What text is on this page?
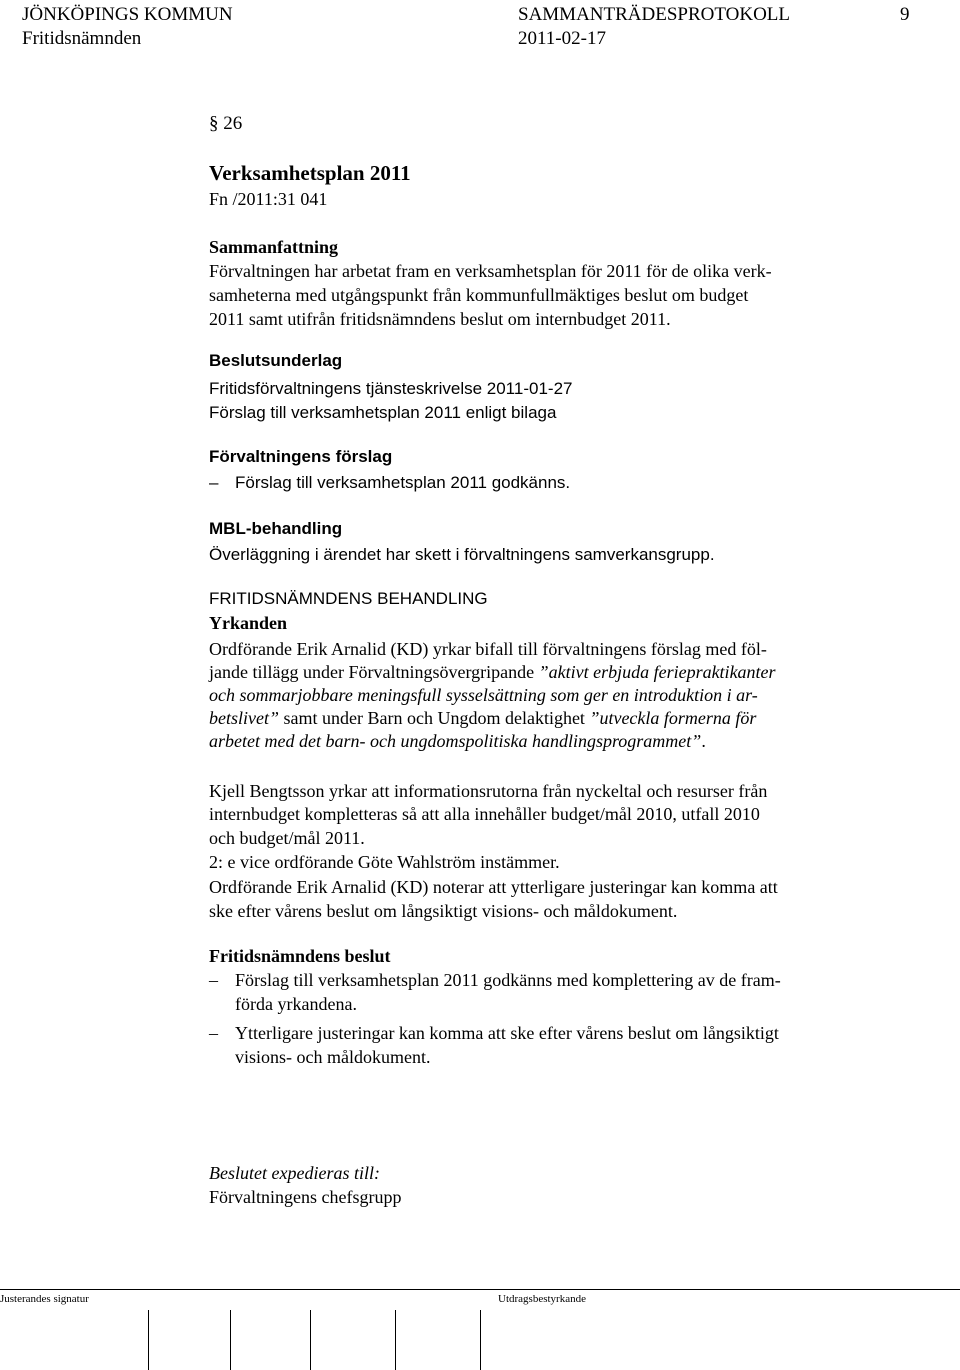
JÖNKÖPINGS KOMMUN	SAMMANTRÄDESPROTOKOLL	9
Fritidsnämnden	2011-02-17
§ 26
Verksamhetsplan 2011
Fn /2011:31 041
Sammanfattning
Förvaltningen har arbetat fram en verksamhetsplan för 2011 för de olika verk-
samheterna med utgångspunkt från kommunfullmäktiges beslut om budget
2011 samt utifrån fritidsnämndens beslut om internbudget 2011.
Beslutsunderlag
Fritidsförvaltningens tjänsteskrivelse 2011-01-27
Förslag till verksamhetsplan 2011 enligt bilaga
Förvaltningens förslag
– Förslag till verksamhetsplan 2011 godkänns.
MBL-behandling
Överläggning i ärendet har skett i förvaltningens samverkansgrupp.
FRITIDSNÄMNDENS BEHANDLING
Yrkanden
Ordförande Erik Arnalid (KD) yrkar bifall till förvaltningens förslag med föl-
jande tillägg under Förvaltningsövergripande ”aktivt erbjuda feriepraktikanter
och sommarjobbare meningsfull sysselsättning som ger en introduktion i ar-
betslivet” samt under Barn och Ungdom delaktighet ”utveckla formerna för
arbetet med det barn- och ungdomspolitiska handlingsprogrammet”.
Kjell Bengtsson yrkar att informationsrutorna från nyckeltal och resurser från
internbudget kompletteras så att alla innehåller budget/mål 2010, utfall 2010
och budget/mål 2011.
2: e vice ordförande Göte Wahlström instämmer.
Ordförande Erik Arnalid (KD) noterar att ytterligare justeringar kan komma att
ske efter vårens beslut om långsiktigt visions- och måldokument.
Fritidsnämndens beslut
– Förslag till verksamhetsplan 2011 godkänns med komplettering av de fram-
förda yrkandena.
– Ytterligare justeringar kan komma att ske efter vårens beslut om långsiktigt
visions- och måldokument.
Beslutet expedieras till:
Förvaltningens chefsgrupp
Justerandes signatur	Utdragsbestyrkande
